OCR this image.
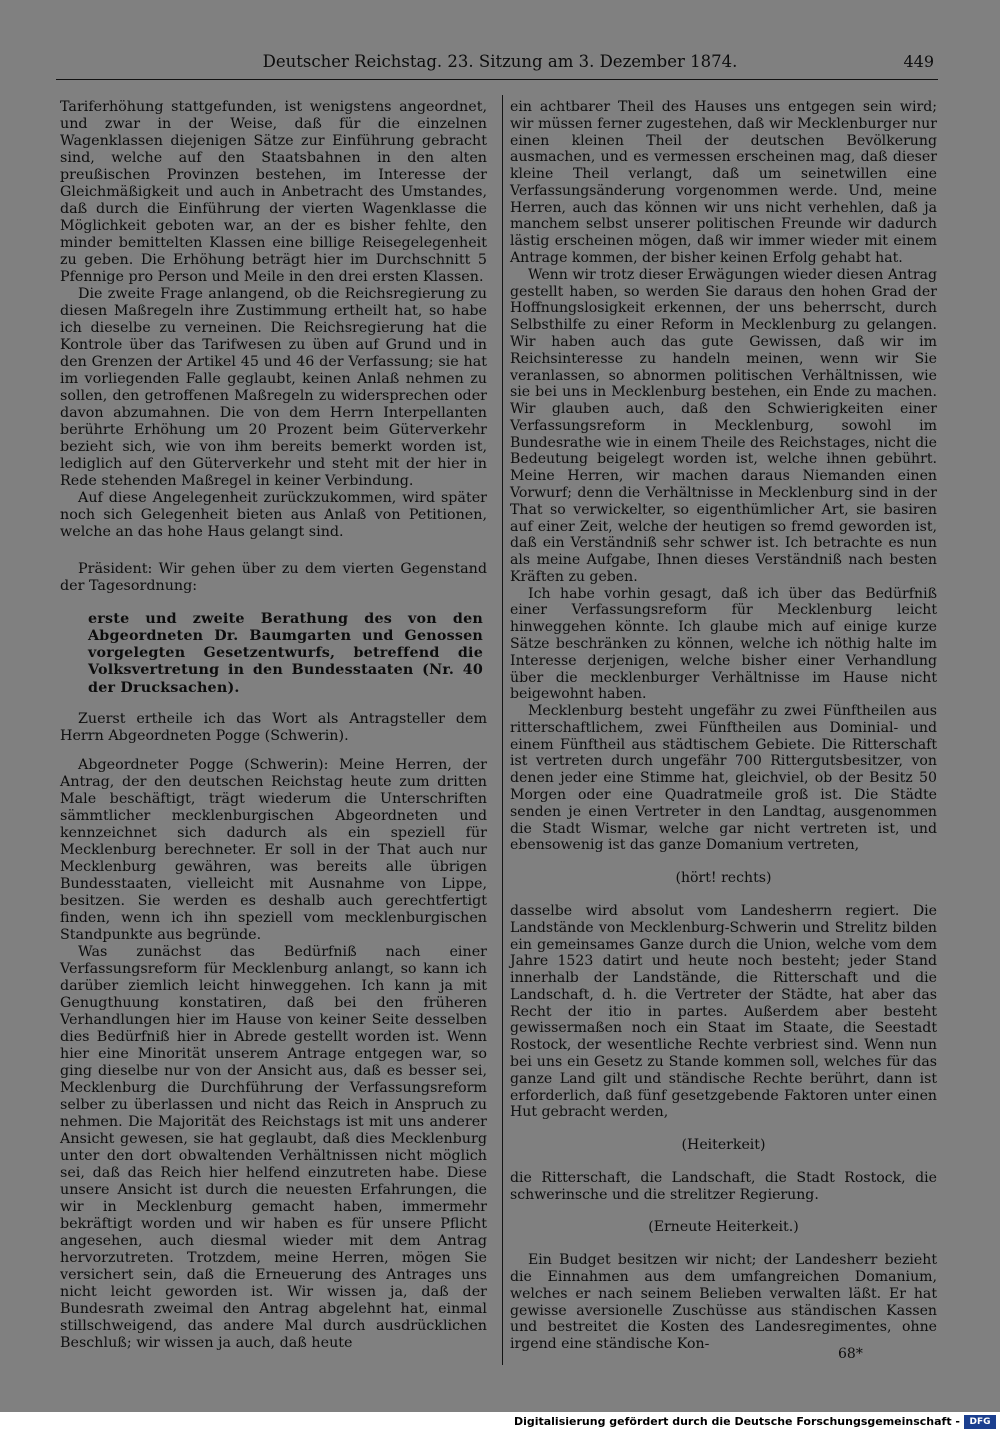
Deutscher Reichstag. 23. Sitzung am 3. Dezember 1874.	449

Tariferhöhung stattgefunden, ist wenigstens angeordnet, und zwar in der Weise, daß für die einzelnen Wagenklassen diejenigen Sätze zur Einführung gebracht sind, welche auf den Staatsbahnen in den alten preußischen Provinzen bestehen, im Interesse der Gleichmäßigkeit und auch in Anbetracht des Umstandes, daß durch die Einführung der vierten Wagenklasse die Möglichkeit geboten war, an der es bisher fehlte, den minder bemittelten Klassen eine billige Reisegelegenheit zu geben. Die Erhöhung beträgt hier im Durchschnitt 5 Pfennige pro Person und Meile in den drei ersten Klassen.

Die zweite Frage anlangend, ob die Reichsregierung zu diesen Maßregeln ihre Zustimmung ertheilt hat, so habe ich dieselbe zu verneinen. Die Reichsregierung hat die Kontrole über das Tarifwesen zu üben auf Grund und in den Grenzen der Artikel 45 und 46 der Verfassung; sie hat im vorliegenden Falle geglaubt, keinen Anlaß nehmen zu sollen, den getroffenen Maßregeln zu widersprechen oder davon abzumahnen. Die von dem Herrn Interpellanten berührte Erhöhung um 20 Prozent beim Güterverkehr bezieht sich, wie von ihm bereits bemerkt worden ist, lediglich auf den Güterverkehr und steht mit der hier in Rede stehenden Maßregel in keiner Verbindung.

Auf diese Angelegenheit zurückzukommen, wird später noch sich Gelegenheit bieten aus Anlaß von Petitionen, welche an das hohe Haus gelangt sind.

Präsident: Wir gehen über zu dem vierten Gegenstand der Tagesordnung:

erste und zweite Berathung des von den Abgeordneten Dr. Baumgarten und Genossen vorgelegten Gesetzentwurfs, betreffend die Volksvertretung in den Bundesstaaten (Nr. 40 der Drucksachen).

Zuerst ertheile ich das Wort als Antragsteller dem Herrn Abgeordneten Pogge (Schwerin).

Abgeordneter Pogge (Schwerin): Meine Herren, der Antrag, der den deutschen Reichstag heute zum dritten Male beschäftigt, trägt wiederum die Unterschriften sämmtlicher mecklenburgischen Abgeordneten und kennzeichnet sich dadurch als ein speziell für Mecklenburg berechneter. Er soll in der That auch nur Mecklenburg gewähren, was bereits alle übrigen Bundesstaaten, vielleicht mit Ausnahme von Lippe, besitzen. Sie werden es deshalb auch gerechtfertigt finden, wenn ich ihn speziell vom mecklenburgischen Standpunkte aus begründe.

Was zunächst das Bedürfniß nach einer Verfassungsreform für Mecklenburg anlangt, so kann ich darüber ziemlich leicht hinweggehen. Ich kann ja mit Genugthuung konstatiren, daß bei den früheren Verhandlungen hier im Hause von keiner Seite desselben dies Bedürfniß hier in Abrede gestellt worden ist. Wenn hier eine Minorität unserem Antrage entgegen war, so ging dieselbe nur von der Ansicht aus, daß es besser sei, Mecklenburg die Durchführung der Verfassungsreform selber zu überlassen und nicht das Reich in Anspruch zu nehmen. Die Majorität des Reichstags ist mit uns anderer Ansicht gewesen, sie hat geglaubt, daß dies Mecklenburg unter den dort obwaltenden Verhältnissen nicht möglich sei, daß das Reich hier helfend einzutreten habe. Diese unsere Ansicht ist durch die neuesten Erfahrungen, die wir in Mecklenburg gemacht haben, immermehr bekräftigt worden und wir haben es für unsere Pflicht angesehen, auch diesmal wieder mit dem Antrag hervorzutreten. Trotzdem, meine Herren, mögen Sie versichert sein, daß die Erneuerung des Antrages uns nicht leicht geworden ist. Wir wissen ja, daß der Bundesrath zweimal den Antrag abgelehnt hat, einmal stillschweigend, das andere Mal durch ausdrücklichen Beschluß; wir wissen ja auch, daß heute

ein achtbarer Theil des Hauses uns entgegen sein wird; wir müssen ferner zugestehen, daß wir Mecklenburger nur einen kleinen Theil der deutschen Bevölkerung ausmachen, und es vermessen erscheinen mag, daß dieser kleine Theil verlangt, daß um seinetwillen eine Verfassungsänderung vorgenommen werde. Und, meine Herren, auch das können wir uns nicht verhehlen, daß ja manchem selbst unserer politischen Freunde wir dadurch lästig erscheinen mögen, daß wir immer wieder mit einem Antrage kommen, der bisher keinen Erfolg gehabt hat.

Wenn wir trotz dieser Erwägungen wieder diesen Antrag gestellt haben, so werden Sie daraus den hohen Grad der Hoffnungslosigkeit erkennen, der uns beherrscht, durch Selbsthilfe zu einer Reform in Mecklenburg zu gelangen. Wir haben auch das gute Gewissen, daß wir im Reichsinteresse zu handeln meinen, wenn wir Sie veranlassen, so abnormen politischen Verhältnissen, wie sie bei uns in Mecklenburg bestehen, ein Ende zu machen. Wir glauben auch, daß den Schwierigkeiten einer Verfassungsreform in Mecklenburg, sowohl im Bundesrathe wie in einem Theile des Reichstages, nicht die Bedeutung beigelegt worden ist, welche ihnen gebührt. Meine Herren, wir machen daraus Niemanden einen Vorwurf; denn die Verhältnisse in Mecklenburg sind in der That so verwickelter, so eigenthümlicher Art, sie basiren auf einer Zeit, welche der heutigen so fremd geworden ist, daß ein Verständniß sehr schwer ist. Ich betrachte es nun als meine Aufgabe, Ihnen dieses Verständniß nach besten Kräften zu geben.

Ich habe vorhin gesagt, daß ich über das Bedürfniß einer Verfassungsreform für Mecklenburg leicht hinweggehen könnte. Ich glaube mich auf einige kurze Sätze beschränken zu können, welche ich nöthig halte im Interesse derjenigen, welche bisher einer Verhandlung über die mecklenburger Verhältnisse im Hause nicht beigewohnt haben.

Mecklenburg besteht ungefähr zu zwei Fünftheilen aus ritterschaftlichem, zwei Fünftheilen aus Dominial- und einem Fünftheil aus städtischem Gebiete. Die Ritterschaft ist vertreten durch ungefähr 700 Rittergutsbesitzer, von denen jeder eine Stimme hat, gleichviel, ob der Besitz 50 Morgen oder eine Quadratmeile groß ist. Die Städte senden je einen Vertreter in den Landtag, ausgenommen die Stadt Wismar, welche gar nicht vertreten ist, und ebensowenig ist das ganze Domanium vertreten,

(hört! rechts)

dasselbe wird absolut vom Landesherrn regiert. Die Landstände von Mecklenburg-Schwerin und Strelitz bilden ein gemeinsames Ganze durch die Union, welche vom dem Jahre 1523 datirt und heute noch besteht; jeder Stand innerhalb der Landstände, die Ritterschaft und die Landschaft, d. h. die Vertreter der Städte, hat aber das Recht der itio in partes. Außerdem aber besteht gewissermaßen noch ein Staat im Staate, die Seestadt Rostock, der wesentliche Rechte verbriest sind. Wenn nun bei uns ein Gesetz zu Stande kommen soll, welches für das ganze Land gilt und ständische Rechte berührt, dann ist erforderlich, daß fünf gesetzgebende Faktoren unter einen Hut gebracht werden,

(Heiterkeit)

die Ritterschaft, die Landschaft, die Stadt Rostock, die schwerinsche und die strelitzer Regierung.

(Erneute Heiterkeit.)

Ein Budget besitzen wir nicht; der Landesherr bezieht die Einnahmen aus dem umfangreichen Domanium, welches er nach seinem Belieben verwalten läßt. Er hat gewisse aversionelle Zuschüsse aus ständischen Kassen und bestreitet die Kosten des Landesregimentes, ohne irgend eine ständische Kon-

68*
Digitalisierung gefördert durch die Deutsche Forschungsgemeinschaft -	DFG
